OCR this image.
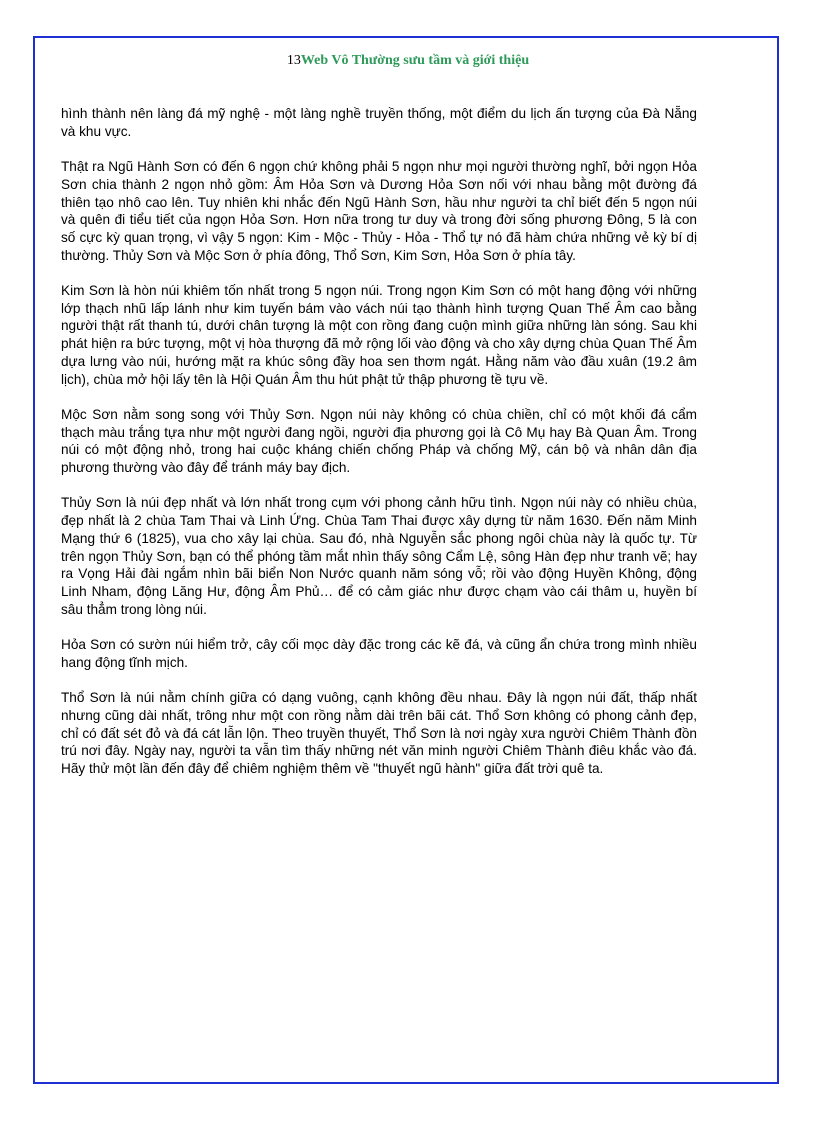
13Web Vô Thường sưu tầm và giới thiệu

hình thành nên làng đá mỹ nghệ - một làng nghề truyền thống, một điểm du lịch ấn tượng của Đà Nẵng và khu vực.

Thật ra Ngũ Hành Sơn có đến 6 ngọn chứ không phải 5 ngọn như mọi người thường nghĩ, bởi ngọn Hỏa Sơn chia thành 2 ngọn nhỏ gồm: Âm Hỏa Sơn và Dương Hỏa Sơn nối với nhau bằng một đường đá thiên tạo nhô cao lên. Tuy nhiên khi nhắc đến Ngũ Hành Sơn, hầu như người ta chỉ biết đến 5 ngọn núi và quên đi tiểu tiết của ngọn Hỏa Sơn. Hơn nữa trong tư duy và trong đời sống phương Đông, 5 là con số cực kỳ quan trọng, vì vậy 5 ngọn: Kim - Mộc - Thủy - Hỏa - Thổ tự nó đã hàm chứa những vẻ kỳ bí dị thường. Thủy Sơn và Mộc Sơn ở phía đông, Thổ Sơn, Kim Sơn, Hỏa Sơn ở phía tây.

Kim Sơn là hòn núi khiêm tốn nhất trong 5 ngọn núi. Trong ngọn Kim Sơn có một hang động với những lớp thạch nhũ lấp lánh như kim tuyến bám vào vách núi tạo thành hình tượng Quan Thế Âm cao bằng người thật rất thanh tú, dưới chân tượng là một con rồng đang cuộn mình giữa những làn sóng. Sau khi phát hiện ra bức tượng, một vị hòa thượng đã mở rộng lối vào động và cho xây dựng chùa Quan Thế Âm dựa lưng vào núi, hướng mặt ra khúc sông đầy hoa sen thơm ngát. Hằng năm vào đầu xuân (19.2 âm lịch), chùa mở hội lấy tên là Hội Quán Âm thu hút phật tử thập phương tề tựu về.

Mộc Sơn nằm song song với Thủy Sơn. Ngọn núi này không có chùa chiền, chỉ có một khối đá cẩm thạch màu trắng tựa như một người đang ngồi, người địa phương gọi là Cô Mụ hay Bà Quan Âm. Trong núi có một động nhỏ, trong hai cuộc kháng chiến chống Pháp và chống Mỹ, cán bộ và nhân dân địa phương thường vào đây để tránh máy bay địch.

Thủy Sơn là núi đẹp nhất và lớn nhất trong cụm với phong cảnh hữu tình. Ngọn núi này có nhiều chùa, đẹp nhất là 2 chùa Tam Thai và Linh Ứng. Chùa Tam Thai được xây dựng từ năm 1630. Đến năm Minh Mạng thứ 6 (1825), vua cho xây lại chùa. Sau đó, nhà Nguyễn sắc phong ngôi chùa này là quốc tự. Từ trên ngọn Thủy Sơn, bạn có thể phóng tầm mắt nhìn thấy sông Cẩm Lệ, sông Hàn đẹp như tranh vẽ; hay ra Vọng Hải đài ngắm nhìn bãi biển Non Nước quanh năm sóng vỗ; rồi vào động Huyền Không, động Linh Nham, động Lăng Hư, động Âm Phủ… để có cảm giác như được chạm vào cái thâm u, huyền bí sâu thẳm trong lòng núi.

Hỏa Sơn có sườn núi hiểm trở, cây cối mọc dày đặc trong các kẽ đá, và cũng ẩn chứa trong mình nhiều hang động tĩnh mịch.

Thổ Sơn là núi nằm chính giữa có dạng vuông, cạnh không đều nhau. Đây là ngọn núi đất, thấp nhất nhưng cũng dài nhất, trông như một con rồng nằm dài trên bãi cát. Thổ Sơn không có phong cảnh đẹp, chỉ có đất sét đỏ và đá cát lẫn lộn. Theo truyền thuyết, Thổ Sơn là nơi ngày xưa người Chiêm Thành đồn trú nơi đây. Ngày nay, người ta vẫn tìm thấy những nét văn minh người Chiêm Thành điêu khắc vào đá. Hãy thử một lần đến đây để chiêm nghiệm thêm về "thuyết ngũ hành" giữa đất trời quê ta.
